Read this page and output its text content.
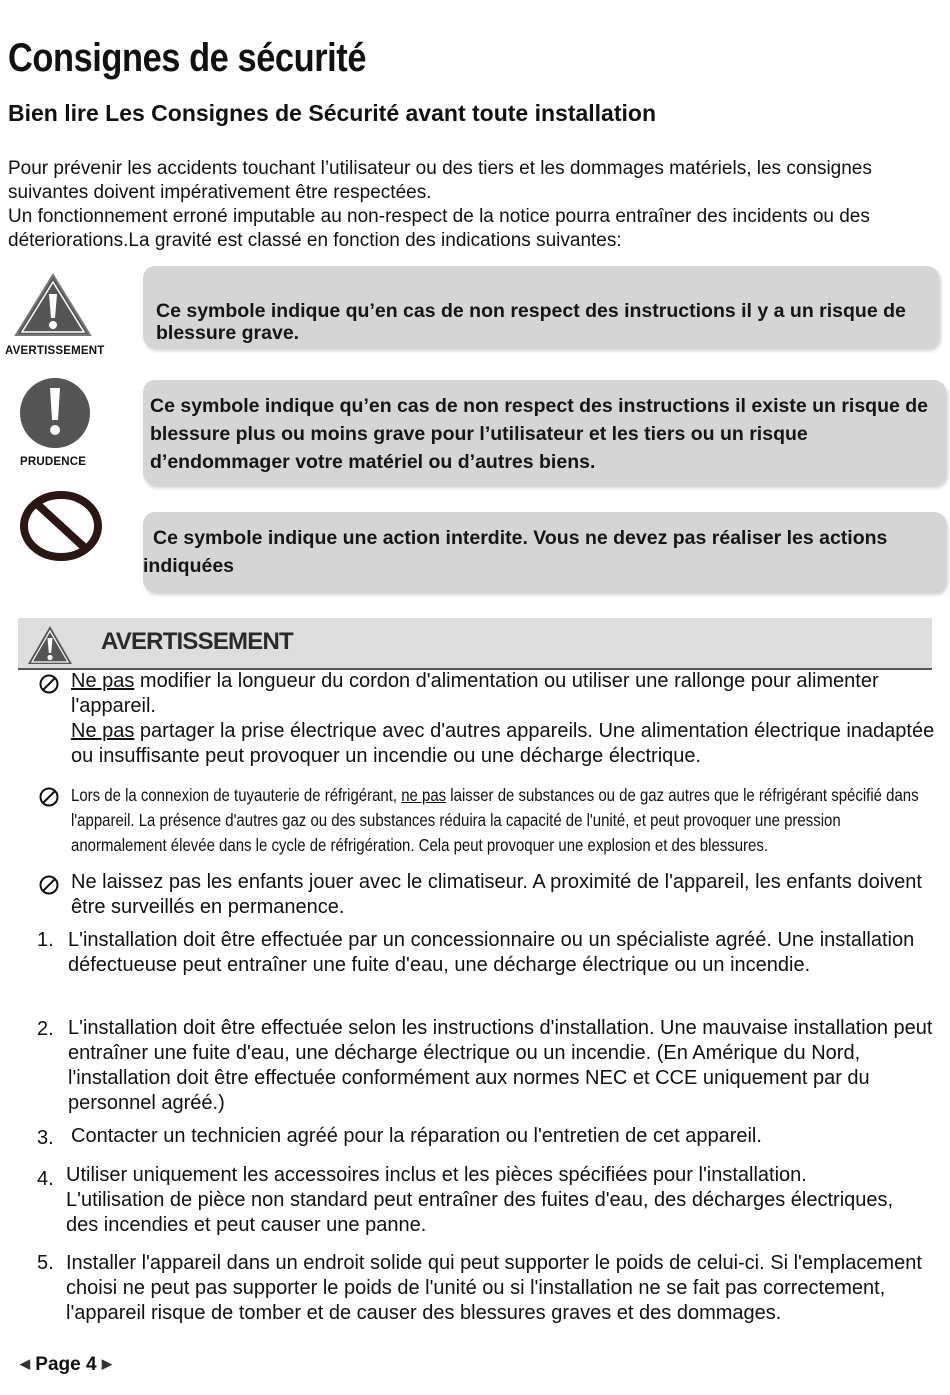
Consignes de sécurité
Bien lire Les Consignes de Sécurité avant toute installation

Pour prévenir les accidents touchant l’utilisateur ou des tiers et les dommages matériels, les consignes suivantes doivent impérativement être respectées.

Un fonctionnement erroné imputable au non-respect de la notice pourra entraîner des incidents ou des déteriorations.La gravité est classé en fonction des indications suivantes:

AVERTISSEMENT

Ce symbole indique qu’en cas de non respect des instructions il y a un risque de blessure grave.

PRUDENCE

Ce symbole indique qu’en cas de non respect des instructions il existe un risque de blessure plus ou moins grave pour l’utilisateur et les tiers ou un risque d’endommager votre matériel ou d’autres biens.

Ce symbole indique une action interdite. Vous ne devez pas réaliser les actions indiquées

AVERTISSEMENT

Ne pas modifier la longueur du cordon d'alimentation ou utiliser une rallonge pour alimenter l'appareil.

Ne pas partager la prise électrique avec d'autres appareils. Une alimentation électrique inadaptée ou insuffisante peut provoquer un incendie ou une décharge électrique.

Lors de la connexion de tuyauterie de réfrigérant, ne pas laisser de substances ou de gaz autres que le réfrigérant spécifié dans l'appareil. La présence d'autres gaz ou des substances réduira la capacité de l'unité, et peut provoquer une pression anormalement élevée dans le cycle de réfrigération. Cela peut provoquer une explosion et des blessures.

Ne laissez pas les enfants jouer avec le climatiseur. A proximité de l'appareil, les enfants doivent être surveillés en permanence.

1. L'installation doit être effectuée par un concessionnaire ou un spécialiste agréé. Une installation défectueuse peut entraîner une fuite d'eau, une décharge électrique ou un incendie.

2. L'installation doit être effectuée selon les instructions d'installation. Une mauvaise installation peut entraîner une fuite d'eau, une décharge électrique ou un incendie. (En Amérique du Nord, l'installation doit être effectuée conformément aux normes NEC et CCE uniquement par du personnel agréé.)

3. Contacter un technicien agréé pour la réparation ou l'entretien de cet appareil.

4. Utiliser uniquement les accessoires inclus et les pièces spécifiées pour l'installation. L'utilisation de pièce non standard peut entraîner des fuites d'eau, des décharges électriques, des incendies et peut causer une panne.

5. Installer l'appareil dans un endroit solide qui peut supporter le poids de celui-ci. Si l'emplacement choisi ne peut pas supporter le poids de l'unité ou si l'installation ne se fait pas correctement, l'appareil risque de tomber et de causer des blessures graves et des dommages.

◀ Page 4 ▶
